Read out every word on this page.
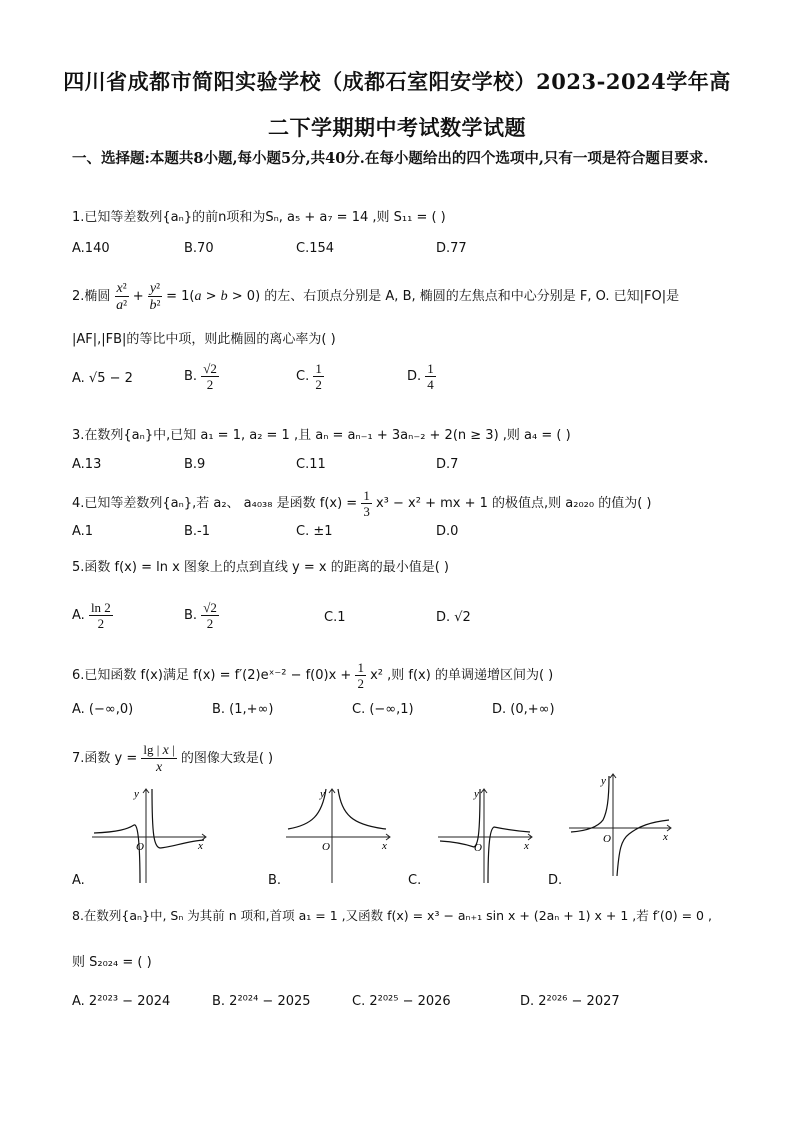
四川省成都市简阳实验学校（成都石室阳安学校）2023-2024学年高
二下学期期中考试数学试题
一、选择题:本题共8小题,每小题5分,共40分.在每小题给出的四个选项中,只有一项是符合题目要求.
1.已知等差数列{aₙ}的前n项和为Sₙ, a₅ + a₇ = 14 ,则 S₁₁ = ( )
A.140	B.70	C.154	D.77
2.椭圆 $\frac{\text{x²}}{\text{a²}} + \frac{\text{y²}}{\text{b²}} = 1(a > b > 0)$ 的左、右顶点分别是 A, B, 椭圆的左焦点和中心分别是 F, O. 已知|FO|是
|AF|,|FB|的等比中项，则此椭圆的离心率为( )
A. √5 − 2	B. $\frac{√2}{2}$	C. $\frac{1}{2}$	D. $\frac{1}{4}$
3.在数列{aₙ}中,已知 a₁ = 1, a₂ = 1 ,且 aₙ = aₙ₋₁ + 3aₙ₋₂ + 2(n ≥ 3) ,则 a₄ = ( )
A.13	B.9	C.11	D.7
4.已知等差数列{aₙ},若 a₂、 a₄₀₃₈ 是函数 $f(x) = \frac{1}{3} x^3 - x^2$ + mx + 1 的极值点,则 a₂₀₂₀ 的值为( )
A.1	B.-1	C. ±1	D.0
5.函数 f(x) = ln x 图象上的点到直线 y = x 的距离的最小值是( )
A. $\frac{\ln 2}{2}$	B. $\frac{√2}{2}$	C.1	D. √2
6.已知函数 f(x)满足 f(x) = f′(2)eˣ⁻² − $f(0)x + \frac{1}{2} x^2$ ,则 f(x) 的单调递增区间为( )
A. (−∞,0)	B. (1,+∞)	C. (−∞,1)	D. (0,+∞)
7.函数 $y = \frac{\lg | x |}{x}$ 的图像大致是( )
O	x
y
O	x
y
O	x
y
O	x
y
A.	B.	C.	D.
8.在数列{aₙ}中, Sₙ 为其前 n 项和,首项 a₁ = 1 ,又函数 f(x) = x³ − aₙ₊₁ sin x + (2aₙ + 1) x + 1 ,若 f′(0) = 0 ,
则 S₂₀₂₄ = ( )
A. 2²⁰²³ − 2024	B. 2²⁰²⁴ − 2025	C. 2²⁰²⁵ − 2026	D. 2²⁰²⁶ − 2027
